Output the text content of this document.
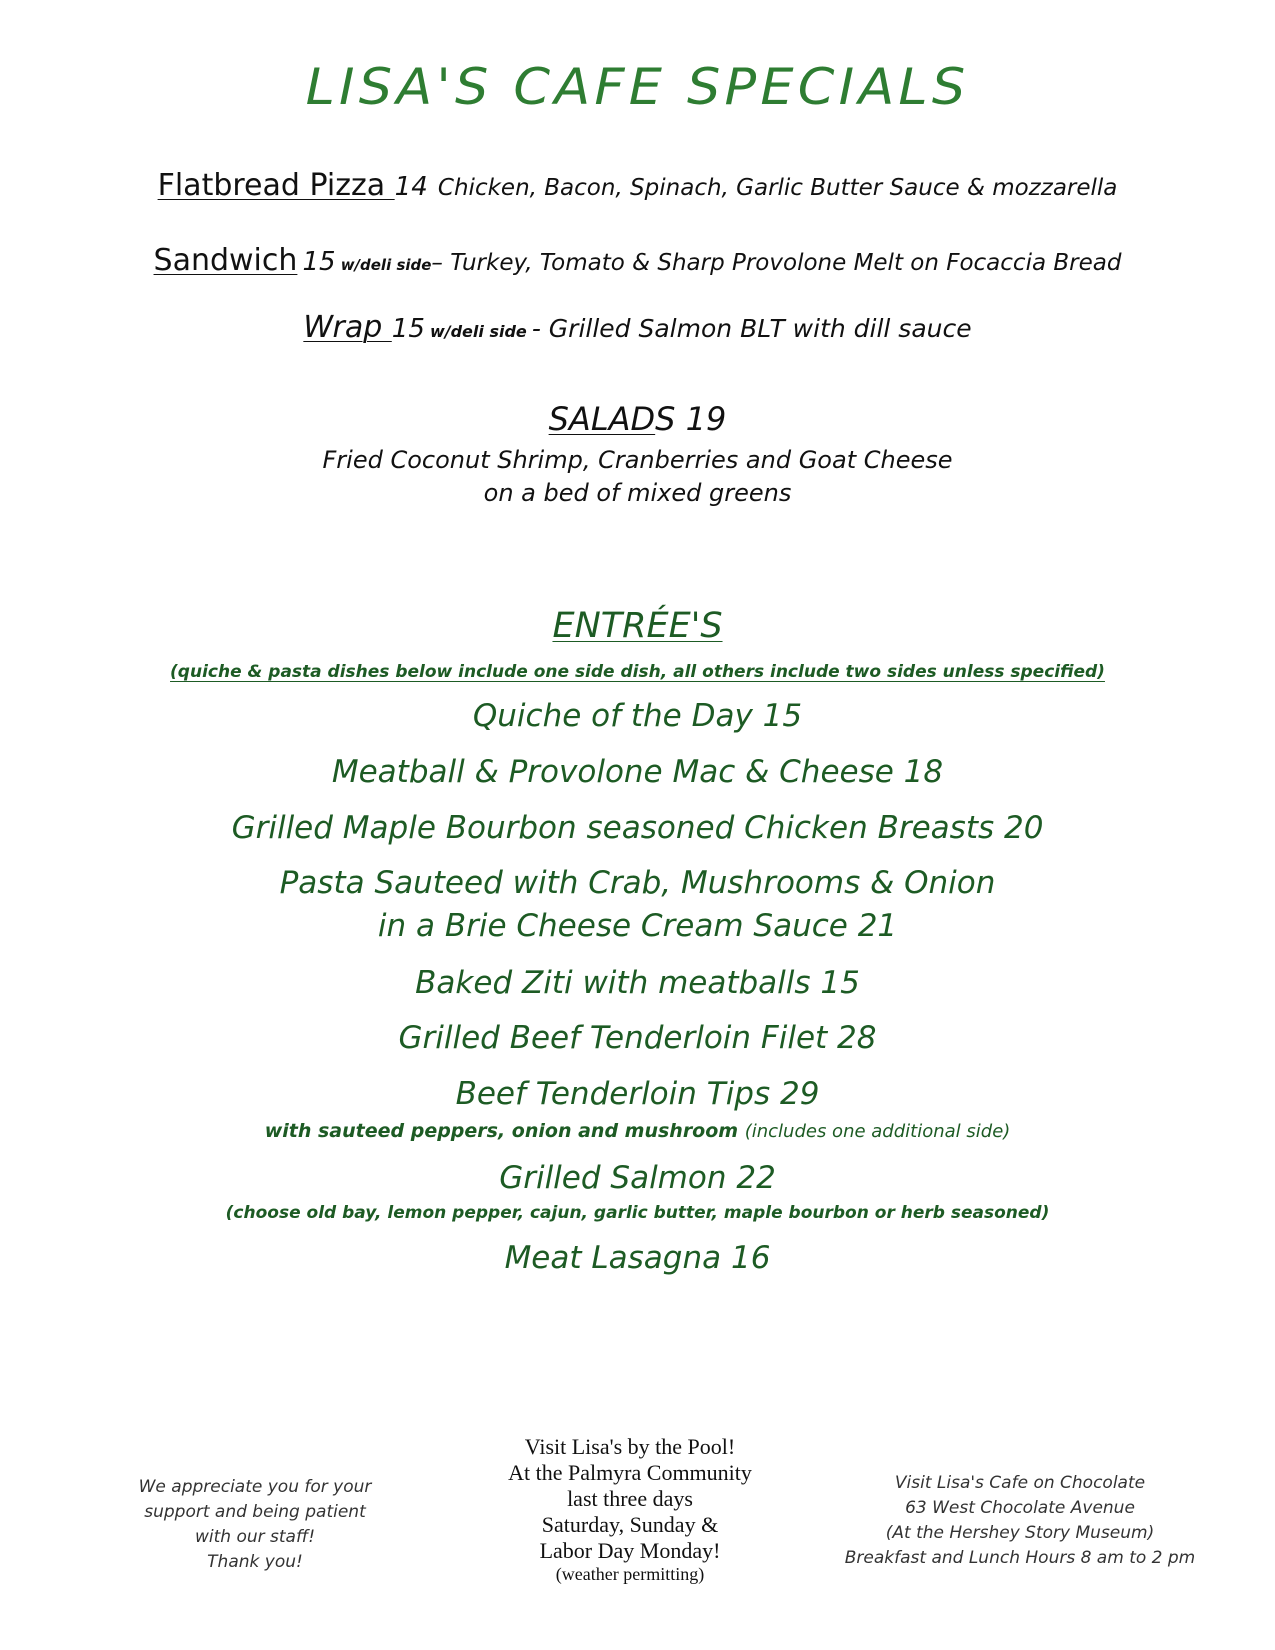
LISA'S CAFE SPECIALS
Flatbread Pizza 14 Chicken, Bacon, Spinach, Garlic Butter Sauce & mozzarella
Sandwich 15 w/deli side– Turkey, Tomato & Sharp Provolone Melt on Focaccia Bread
Wrap 15 w/deli side - Grilled Salmon BLT with dill sauce
SALADS 19
Fried Coconut Shrimp, Cranberries and Goat Cheese
on a bed of mixed greens
ENTRÉE'S
(quiche & pasta dishes below include one side dish, all others include two sides unless specified)
Quiche of the Day 15
Meatball & Provolone Mac & Cheese 18
Grilled Maple Bourbon seasoned Chicken Breasts 20
Pasta Sauteed with Crab, Mushrooms & Onion
in a Brie Cheese Cream Sauce 21
Baked Ziti with meatballs 15
Grilled Beef Tenderloin Filet 28
Beef Tenderloin Tips 29
with sauteed peppers, onion and mushroom (includes one additional side)
Grilled Salmon 22
(choose old bay, lemon pepper, cajun, garlic butter, maple bourbon or herb seasoned)
Meat Lasagna 16
We appreciate you for your
support and being patient
with our staff!
Thank you!
Visit Lisa's by the Pool!
At the Palmyra Community
last three days
Saturday, Sunday &
Labor Day Monday!
(weather permitting)
Visit Lisa's Cafe on Chocolate
63 West Chocolate Avenue
(At the Hershey Story Museum)
Breakfast and Lunch Hours 8 am to 2 pm
